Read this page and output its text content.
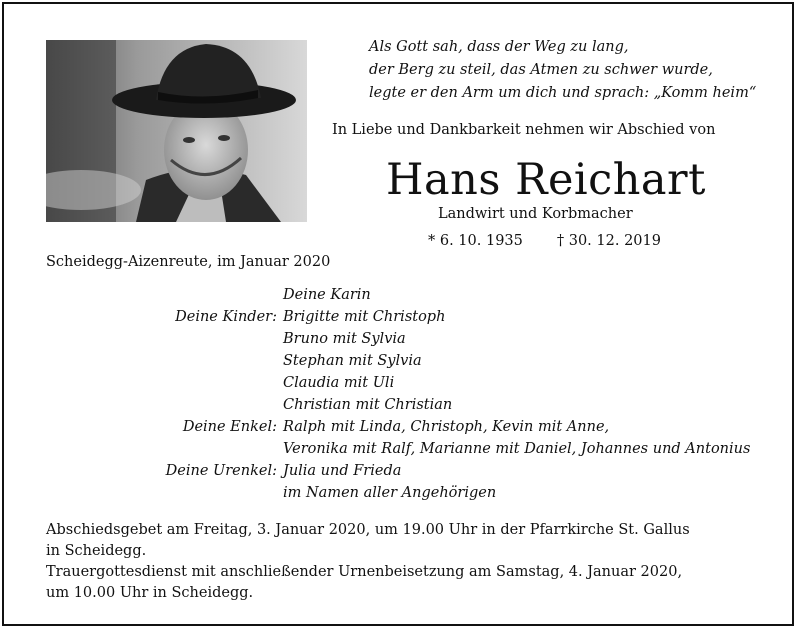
Als Gott sah, dass der Weg zu lang,
der Berg zu steil, das Atmen zu schwer wurde,
legte er den Arm um dich und sprach: „Komm heim“
In Liebe und Dankbarkeit nehmen wir Abschied von
Hans Reichart
Landwirt und Korbmacher
* 6. 10. 1935 † 30. 12. 2019
Scheidegg-Aizenreute, im Januar 2020
Deine Karin
Deine Kinder: Brigitte mit Christoph
Bruno mit Sylvia
Stephan mit Sylvia
Claudia mit Uli
Christian mit Christian
Deine Enkel: Ralph mit Linda, Christoph, Kevin mit Anne,
Veronika mit Ralf, Marianne mit Daniel, Johannes und Antonius
Deine Urenkel: Julia und Frieda
im Namen aller Angehörigen
Abschiedsgebet am Freitag, 3. Januar 2020, um 19.00 Uhr in der Pfarrkirche St. Gallus
in Scheidegg.
Trauergottesdienst mit anschließender Urnenbeisetzung am Samstag, 4. Januar 2020,
um 10.00 Uhr in Scheidegg.
